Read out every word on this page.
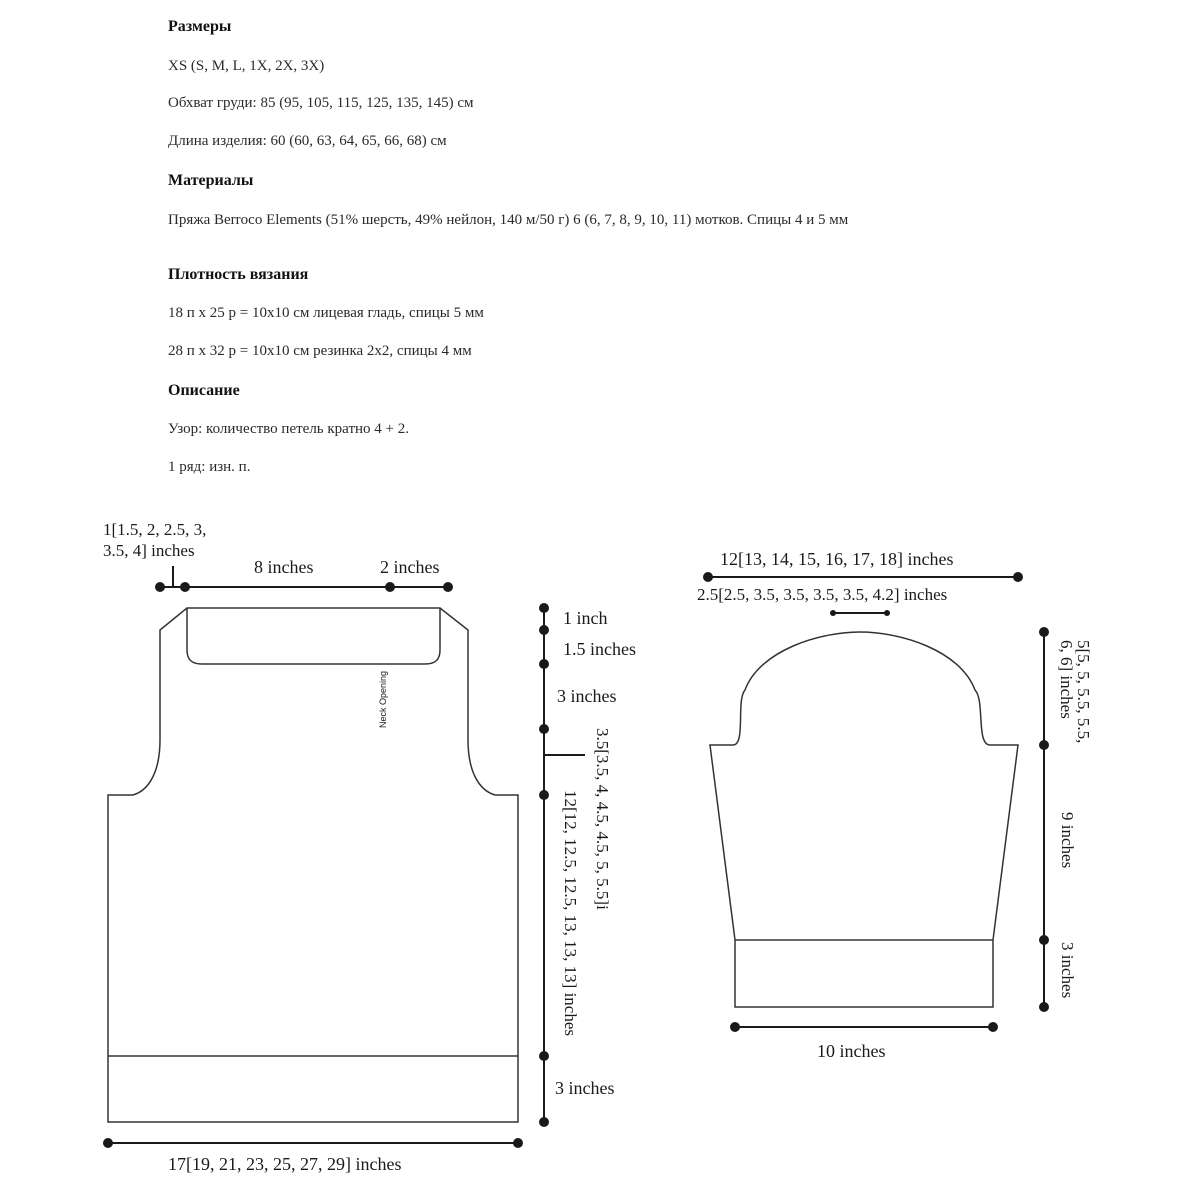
Размеры
XS (S, M, L, 1X, 2X, 3X)
Обхват груди: 85 (95, 105, 115, 125, 135, 145) см
Длина изделия: 60 (60, 63, 64, 65, 66, 68) см
Материалы
Пряжа Berroco Elements (51% шерсть, 49% нейлон, 140 м/50 г) 6 (6, 7, 8, 9, 10, 11) мотков. Спицы 4 и 5 мм
Плотность вязания
18 п х 25 р = 10х10 см лицевая гладь, спицы 5 мм
28 п х 32 р = 10х10 см резинка 2х2, спицы 4 мм
Описание
Узор: количество петель кратно 4 + 2.
1 ряд: изн. п.
1[1.5, 2, 2.5, 3,
3.5, 4] inches
8 inches	2 inches
Neck Opening
1 inch
1.5 inches
3 inches
3.5[3.5, 4, 4.5, 4.5, 5, 5.5]i
12[12, 12.5, 12.5, 13, 13, 13] inches
3 inches
17[19, 21, 23, 25, 27, 29] inches
12[13, 14, 15, 16, 17, 18] inches
2.5[2.5, 3.5, 3.5, 3.5, 3.5, 4.2] inches
5[5, 5, 5.5, 5.5,
6, 6] inches
9 inches
3 inches
10 inches
